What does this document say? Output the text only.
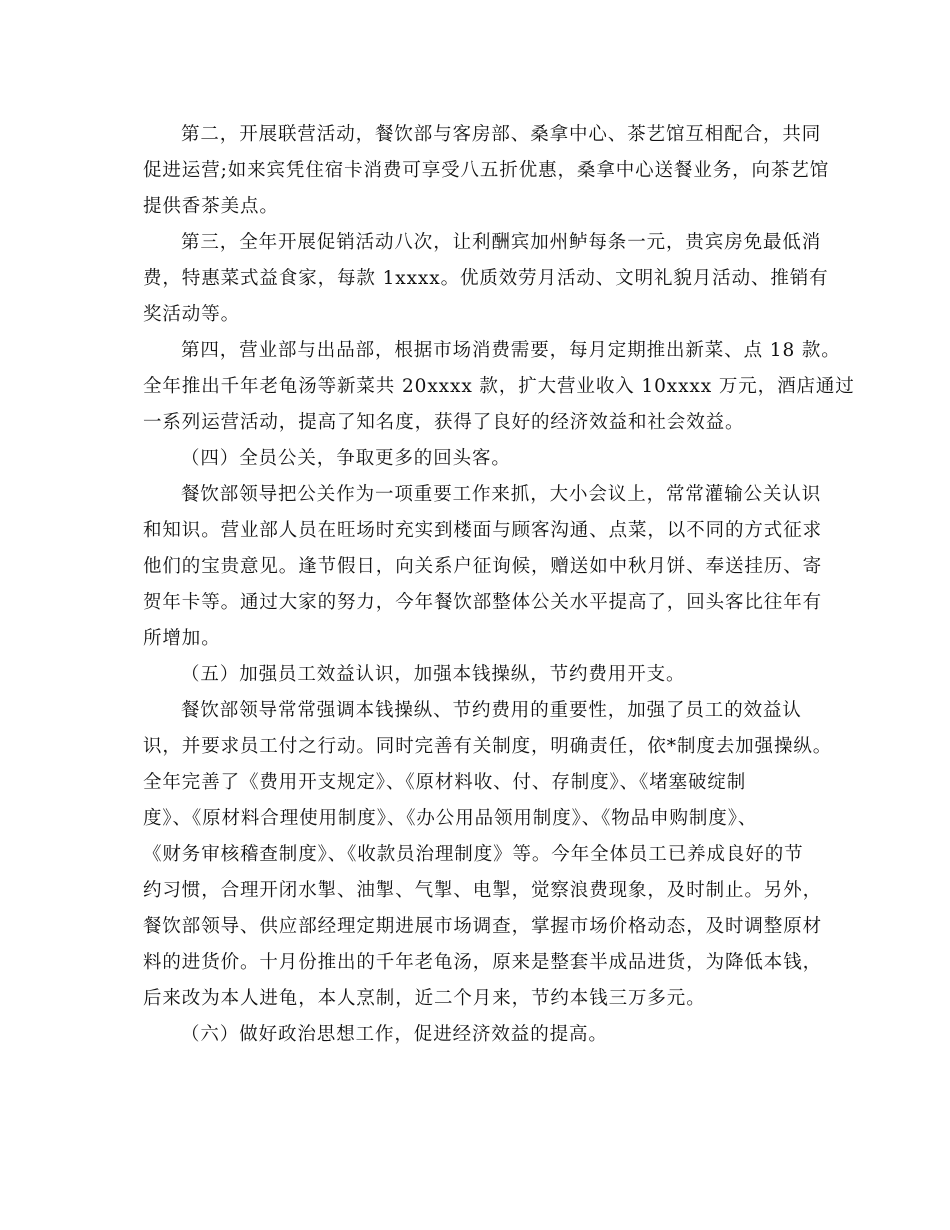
第二，开展联营活动，餐饮部与客房部、桑拿中心、茶艺馆互相配合，共同
促进运营;如来宾凭住宿卡消费可享受八五折优惠，桑拿中心送餐业务，向茶艺馆
提供香茶美点。
第三，全年开展促销活动八次，让利酬宾加州鲈每条一元，贵宾房免最低消
费，特惠菜式益食家，每款 1xxxx。优质效劳月活动、文明礼貌月活动、推销有
奖活动等。
第四，营业部与出品部，根据市场消费需要，每月定期推出新菜、点 18 款。
全年推出千年老龟汤等新菜共 20xxxx 款，扩大营业收入 10xxxx 万元，酒店通过
一系列运营活动，提高了知名度，获得了良好的经济效益和社会效益。
（四）全员公关，争取更多的回头客。
餐饮部领导把公关作为一项重要工作来抓，大小会议上，常常灌输公关认识
和知识。营业部人员在旺场时充实到楼面与顾客沟通、点菜，以不同的方式征求
他们的宝贵意见。逢节假日，向关系户征询候，赠送如中秋月饼、奉送挂历、寄
贺年卡等。通过大家的努力，今年餐饮部整体公关水平提高了，回头客比往年有
所增加。
（五）加强员工效益认识，加强本钱操纵，节约费用开支。
餐饮部领导常常强调本钱操纵、节约费用的重要性，加强了员工的效益认
识，并要求员工付之行动。同时完善有关制度，明确责任，依*制度去加强操纵。
全年完善了《费用开支规定》、《原材料收、付、存制度》、《堵塞破绽制
度》、《原材料合理使用制度》、《办公用品领用制度》、《物品申购制度》、
《财务审核稽查制度》、《收款员治理制度》等。今年全体员工已养成良好的节
约习惯，合理开闭水掣、油掣、气掣、电掣，觉察浪费现象，及时制止。另外，
餐饮部领导、供应部经理定期进展市场调查，掌握市场价格动态，及时调整原材
料的进货价。十月份推出的千年老龟汤，原来是整套半成品进货，为降低本钱，
后来改为本人进龟，本人烹制，近二个月来，节约本钱三万多元。
（六）做好政治思想工作，促进经济效益的提高。
